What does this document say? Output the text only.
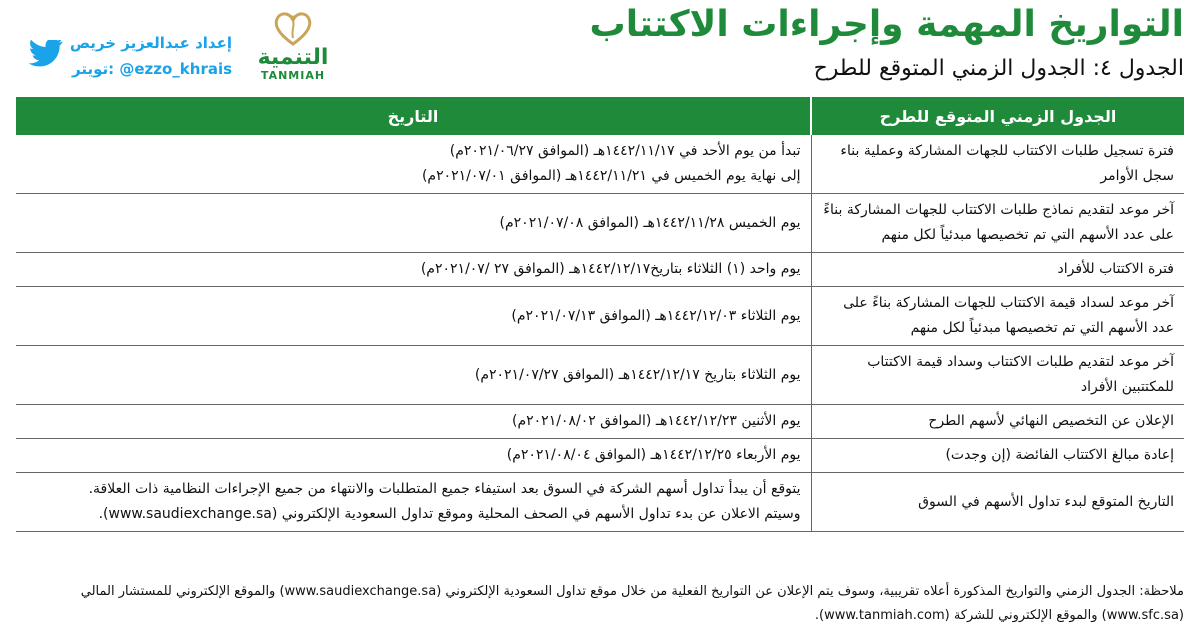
التواريخ المهمة وإجراءات الاكتتاب
الجدول ٤: الجدول الزمني المتوقع للطرح
التنمية
TANMIAH
إعداد عبدالعزيز خريص
تويتر: @ezzo_khrais
الجدول الزمني المتوقع للطرح	التاريخ
فترة تسجيل طلبات الاكتتاب للجهات المشاركة وعملية بناء سجل الأوامر	تبدأ من يوم الأحد في ١٤٤٢/١١/١٧هـ (الموافق ٢٠٢١/٠٦/٢٧م)
إلى نهاية يوم الخميس في ١٤٤٢/١١/٢١هـ (الموافق ٢٠٢١/٠٧/٠١م)

آخر موعد لتقديم نماذج طلبات الاكتتاب للجهات المشاركة بناءً على عدد الأسهم التي تم تخصيصها مبدئياً لكل منهم	يوم الخميس ١٤٤٢/١١/٢٨هـ (الموافق ٢٠٢١/٠٧/٠٨م)

فترة الاكتتاب للأفراد	يوم واحد (١) الثلاثاء بتاريخ١٤٤٢/١٢/١٧هـ (الموافق ٢٧ /٢٠٢١/٠٧م)

آخر موعد لسداد قيمة الاكتتاب للجهات المشاركة بناءً على عدد الأسهم التي تم تخصيصها مبدئياً لكل منهم	يوم الثلاثاء ١٤٤٢/١٢/٠٣هـ (الموافق ٢٠٢١/٠٧/١٣م)

آخر موعد لتقديم طلبات الاكتتاب وسداد قيمة الاكتتاب للمكتتبين الأفراد	يوم الثلاثاء بتاريخ ١٤٤٢/١٢/١٧هـ (الموافق ٢٠٢١/٠٧/٢٧م)

الإعلان عن التخصيص النهائي لأسهم الطرح	يوم الأثنين ١٤٤٢/١٢/٢٣هـ (الموافق ٢٠٢١/٠٨/٠٢م)

إعادة مبالغ الاكتتاب الفائضة (إن وجدت)	يوم الأربعاء ١٤٤٢/١٢/٢٥هـ (الموافق ٢٠٢١/٠٨/٠٤م)

التاريخ المتوقع لبدء تداول الأسهم في السوق	يتوقع أن يبدأ تداول أسهم الشركة في السوق بعد استيفاء جميع المتطلبات والانتهاء من جميع الإجراءات النظامية ذات العلاقة.
وسيتم الاعلان عن بدء تداول الأسهم في الصحف المحلية وموقع تداول السعودية الإلكتروني (www.saudiexchange.sa).
ملاحظة: الجدول الزمني والتواريخ المذكورة أعلاه تقريبية، وسوف يتم الإعلان عن التواريخ الفعلية من خلال موقع تداول السعودية الإلكتروني (www.saudiexchange.sa) والموقع الإلكتروني للمستشار المالي (www.sfc.sa) والموقع الإلكتروني للشركة (www.tanmiah.com).
